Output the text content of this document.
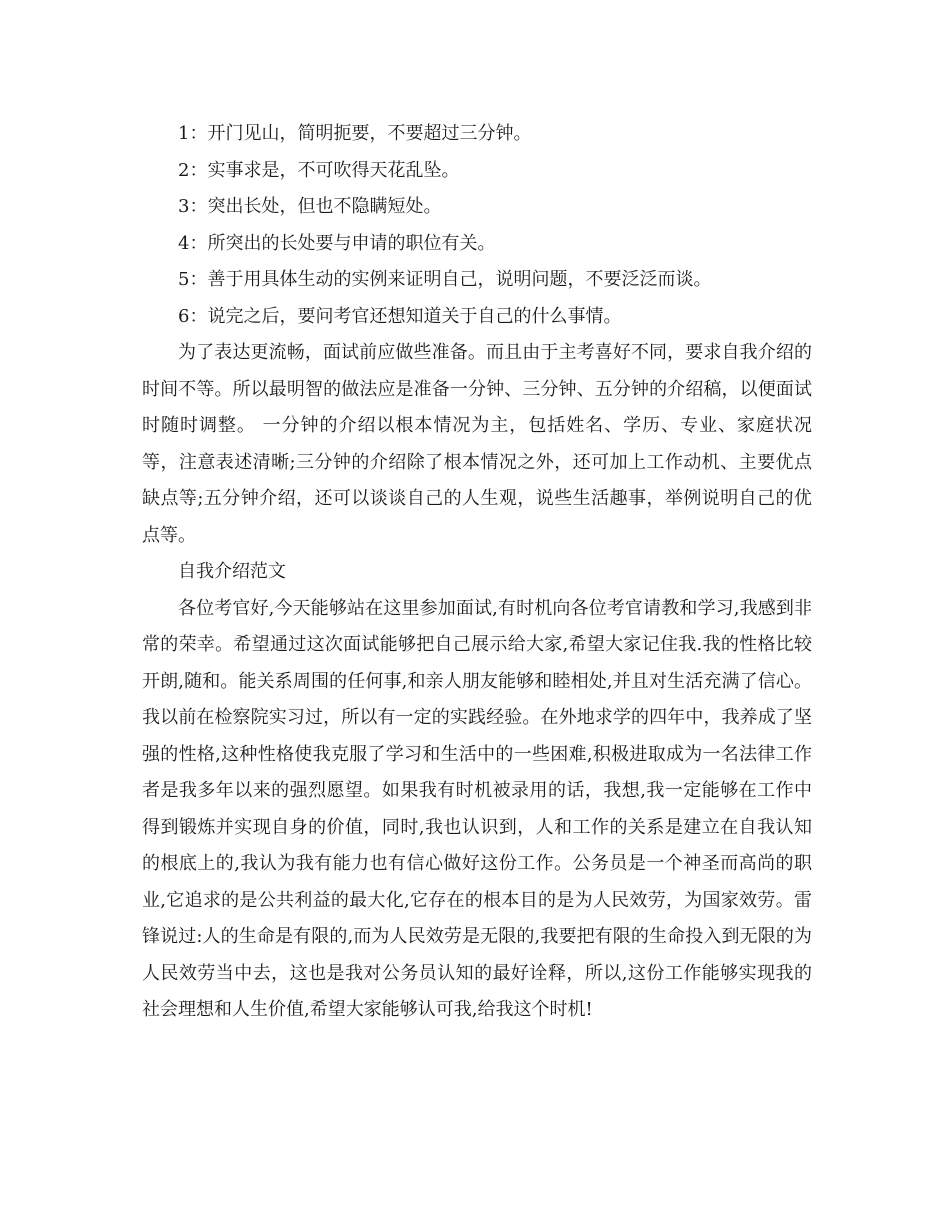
1：开门见山，简明扼要，不要超过三分钟。

2：实事求是，不可吹得天花乱坠。

3：突出长处，但也不隐瞒短处。

4：所突出的长处要与申请的职位有关。

5：善于用具体生动的实例来证明自己，说明问题，不要泛泛而谈。

6：说完之后，要问考官还想知道关于自己的什么事情。

为了表达更流畅，面试前应做些准备。而且由于主考喜好不同，要求自我介绍的时间不等。所以最明智的做法应是准备一分钟、三分钟、五分钟的介绍稿，以便面试时随时调整。 一分钟的介绍以根本情况为主，包括姓名、学历、专业、家庭状况等，注意表述清晰;三分钟的介绍除了根本情况之外，还可加上工作动机、主要优点缺点等;五分钟介绍，还可以谈谈自己的人生观，说些生活趣事，举例说明自己的优点等。

自我介绍范文

各位考官好,今天能够站在这里参加面试,有时机向各位考官请教和学习,我感到非常的荣幸。希望通过这次面试能够把自己展示给大家,希望大家记住我.我的性格比较开朗,随和。能关系周围的任何事,和亲人朋友能够和睦相处,并且对生活充满了信心。我以前在检察院实习过，所以有一定的实践经验。在外地求学的四年中，我养成了坚强的性格,这种性格使我克服了学习和生活中的一些困难,积极进取成为一名法律工作者是我多年以来的强烈愿望。如果我有时机被录用的话，我想,我一定能够在工作中得到锻炼并实现自身的价值，同时,我也认识到，人和工作的关系是建立在自我认知的根底上的,我认为我有能力也有信心做好这份工作。公务员是一个神圣而高尚的职业,它追求的是公共利益的最大化,它存在的根本目的是为人民效劳，为国家效劳。雷锋说过:人的生命是有限的,而为人民效劳是无限的,我要把有限的生命投入到无限的为人民效劳当中去，这也是我对公务员认知的最好诠释，所以,这份工作能够实现我的社会理想和人生价值,希望大家能够认可我,给我这个时机!
